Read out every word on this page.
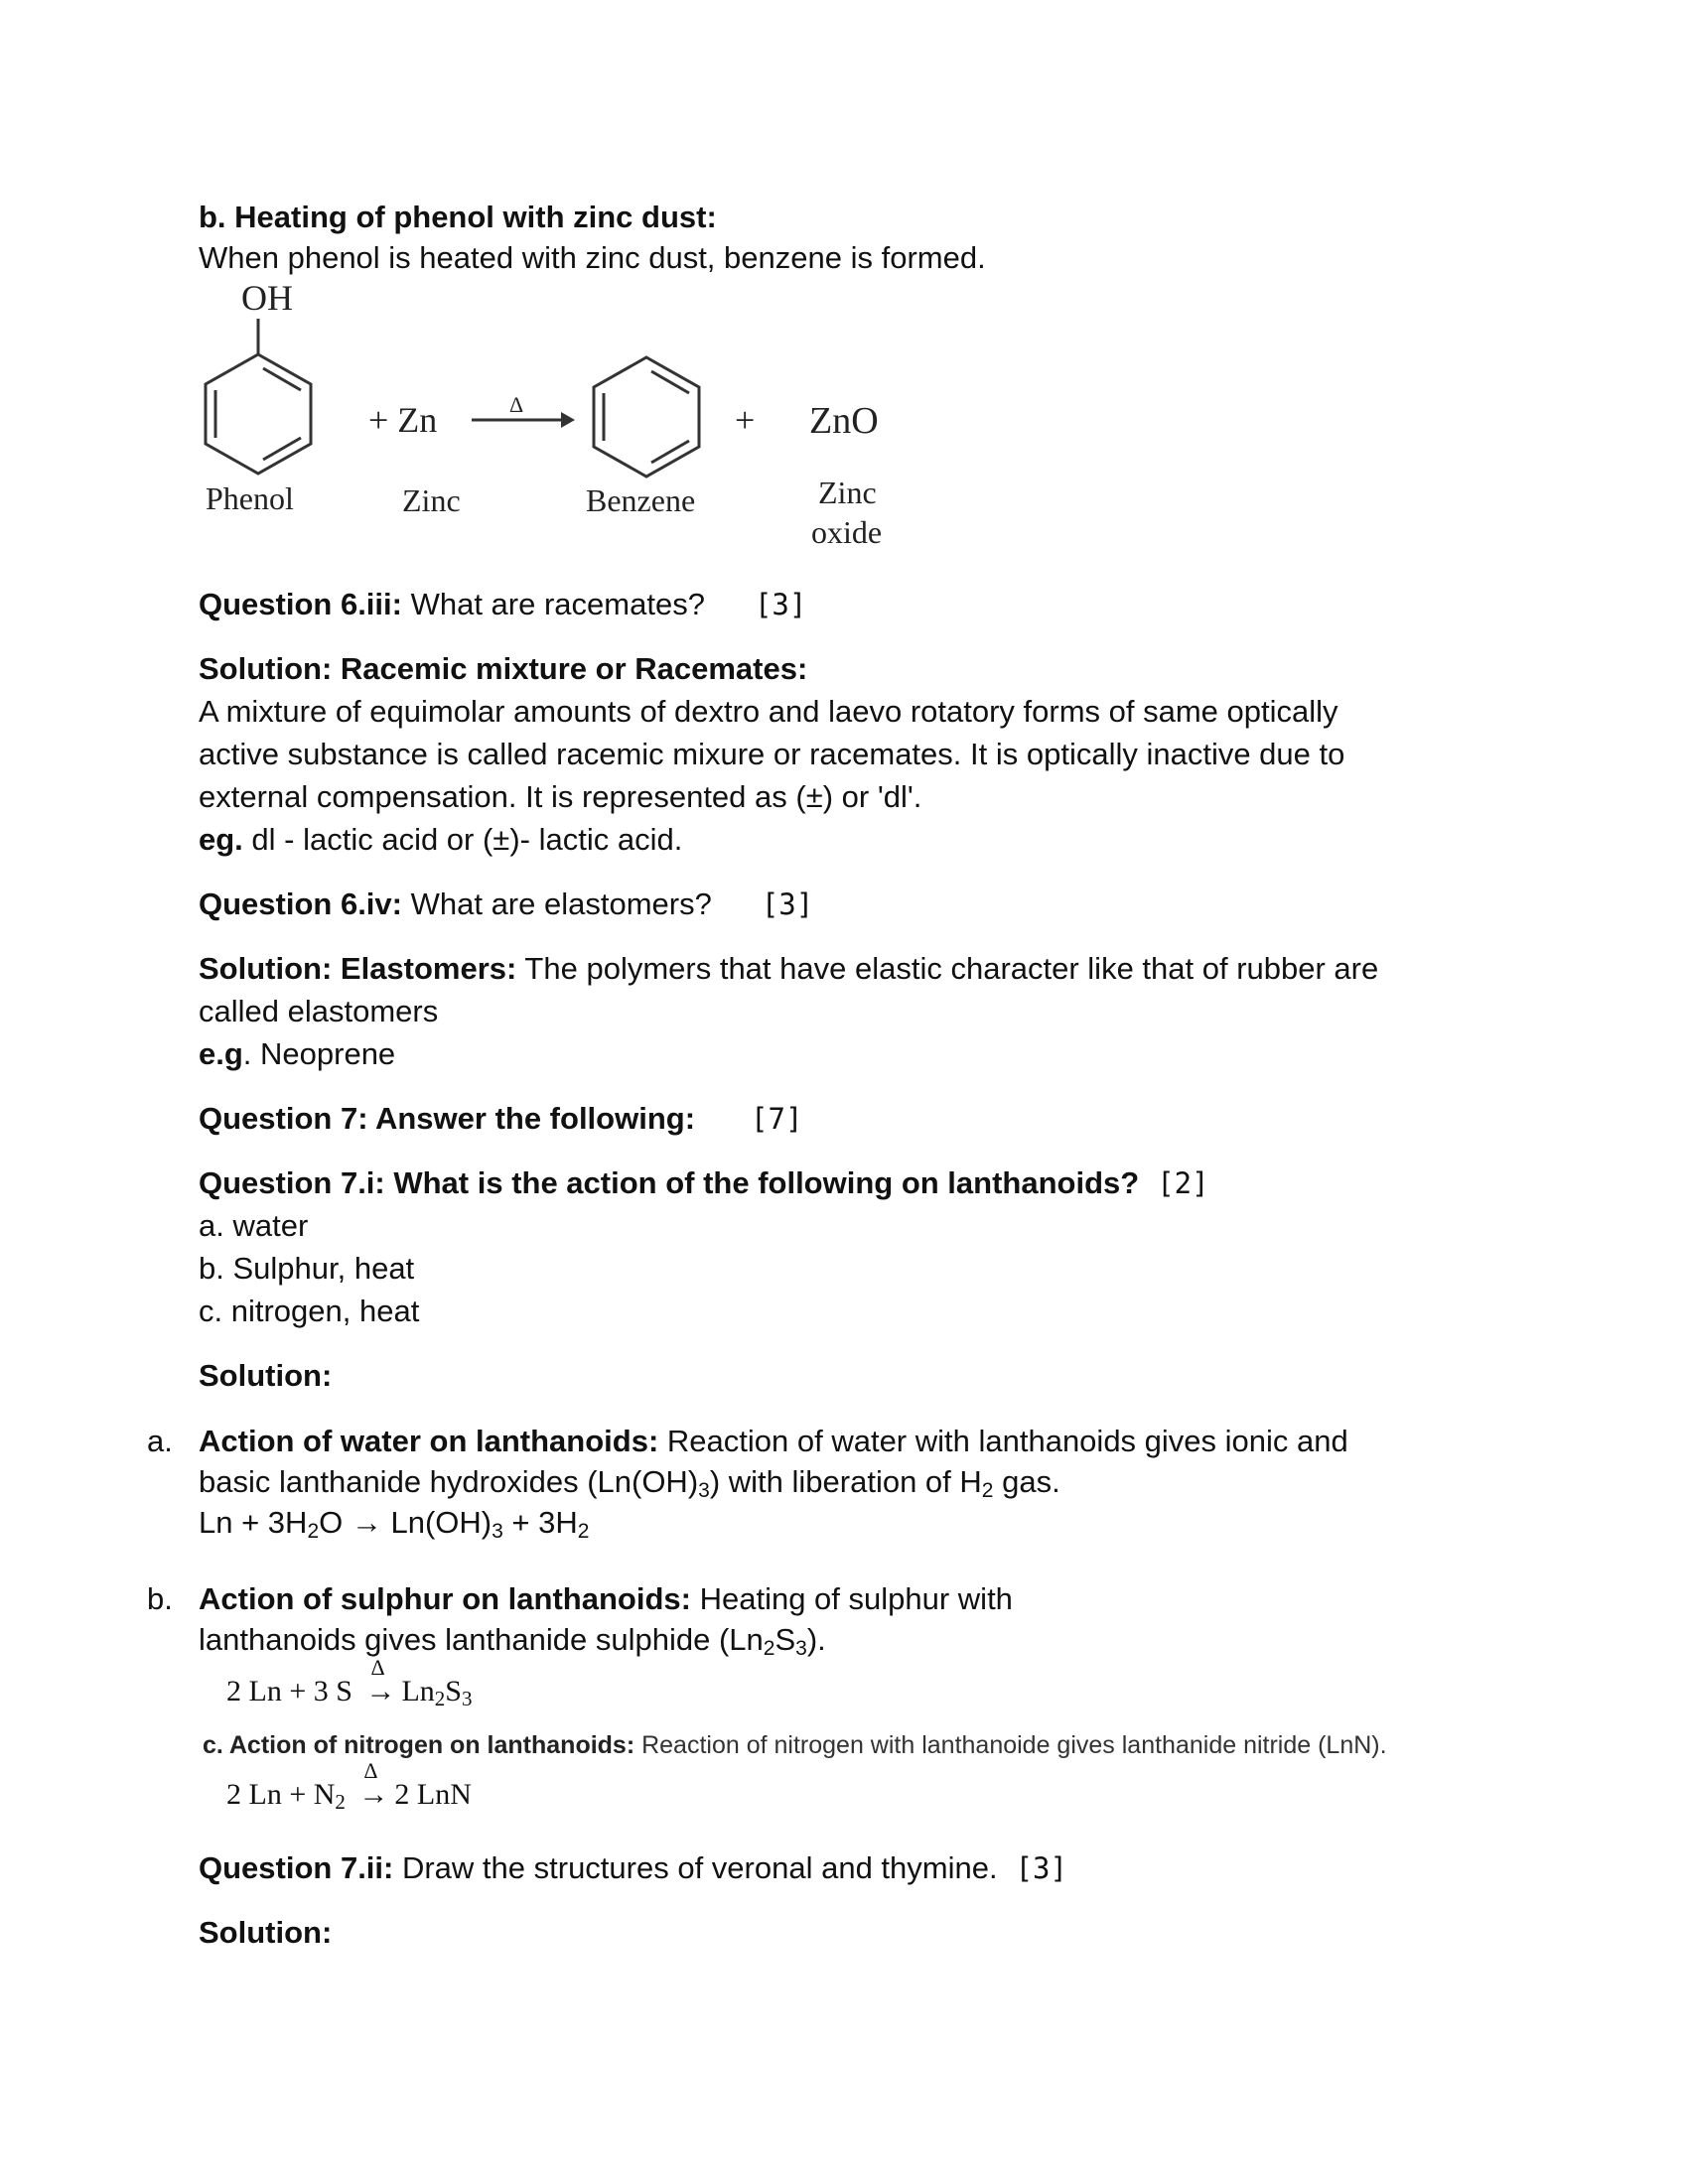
b. Heating of phenol with zinc dust:
When phenol is heated with zinc dust, benzene is formed.
OH
+ Zn	Δ	+ ZnO
Phenol	Zinc	Benzene	Zinc
oxide
Question 6.iii: What are racemates? [3]
Solution: Racemic mixture or Racemates:
A mixture of equimolar amounts of dextro and laevo rotatory forms of same optically
active substance is called racemic mixure or racemates. It is optically inactive due to
external compensation. It is represented as (±) or 'dl'.
eg. dl - lactic acid or (±)- lactic acid.
Question 6.iv: What are elastomers? [3]
Solution: Elastomers: The polymers that have elastic character like that of rubber are
called elastomers
e.g. Neoprene
Question 7: Answer the following: [7]
Question 7.i: What is the action of the following on lanthanoids? [2]
a. water
b. Sulphur, heat
c. nitrogen, heat
Solution:
a. Action of water on lanthanoids: Reaction of water with lanthanoids gives ionic and
basic lanthanide hydroxides $(Ln(OH)_3)$ with liberation of $H_2$ gas.
$Ln + 3H_2O \to Ln(OH)_3 + 3H_2$
b. Action of sulphur on lanthanoids: Heating of sulphur with
lanthanoids gives lanthanide sulphide $(Ln_2S_3)$.
2 Ln + 3 S
Δ
→ $Ln_2S_3$
c. Action of nitrogen on lanthanoids: Reaction of nitrogen with lanthanoide gives lanthanide nitride (LnN).
2 $Ln + N_2$
Δ
→ 2 LnN
Question 7.ii: Draw the structures of veronal and thymine. [3]
Solution:
